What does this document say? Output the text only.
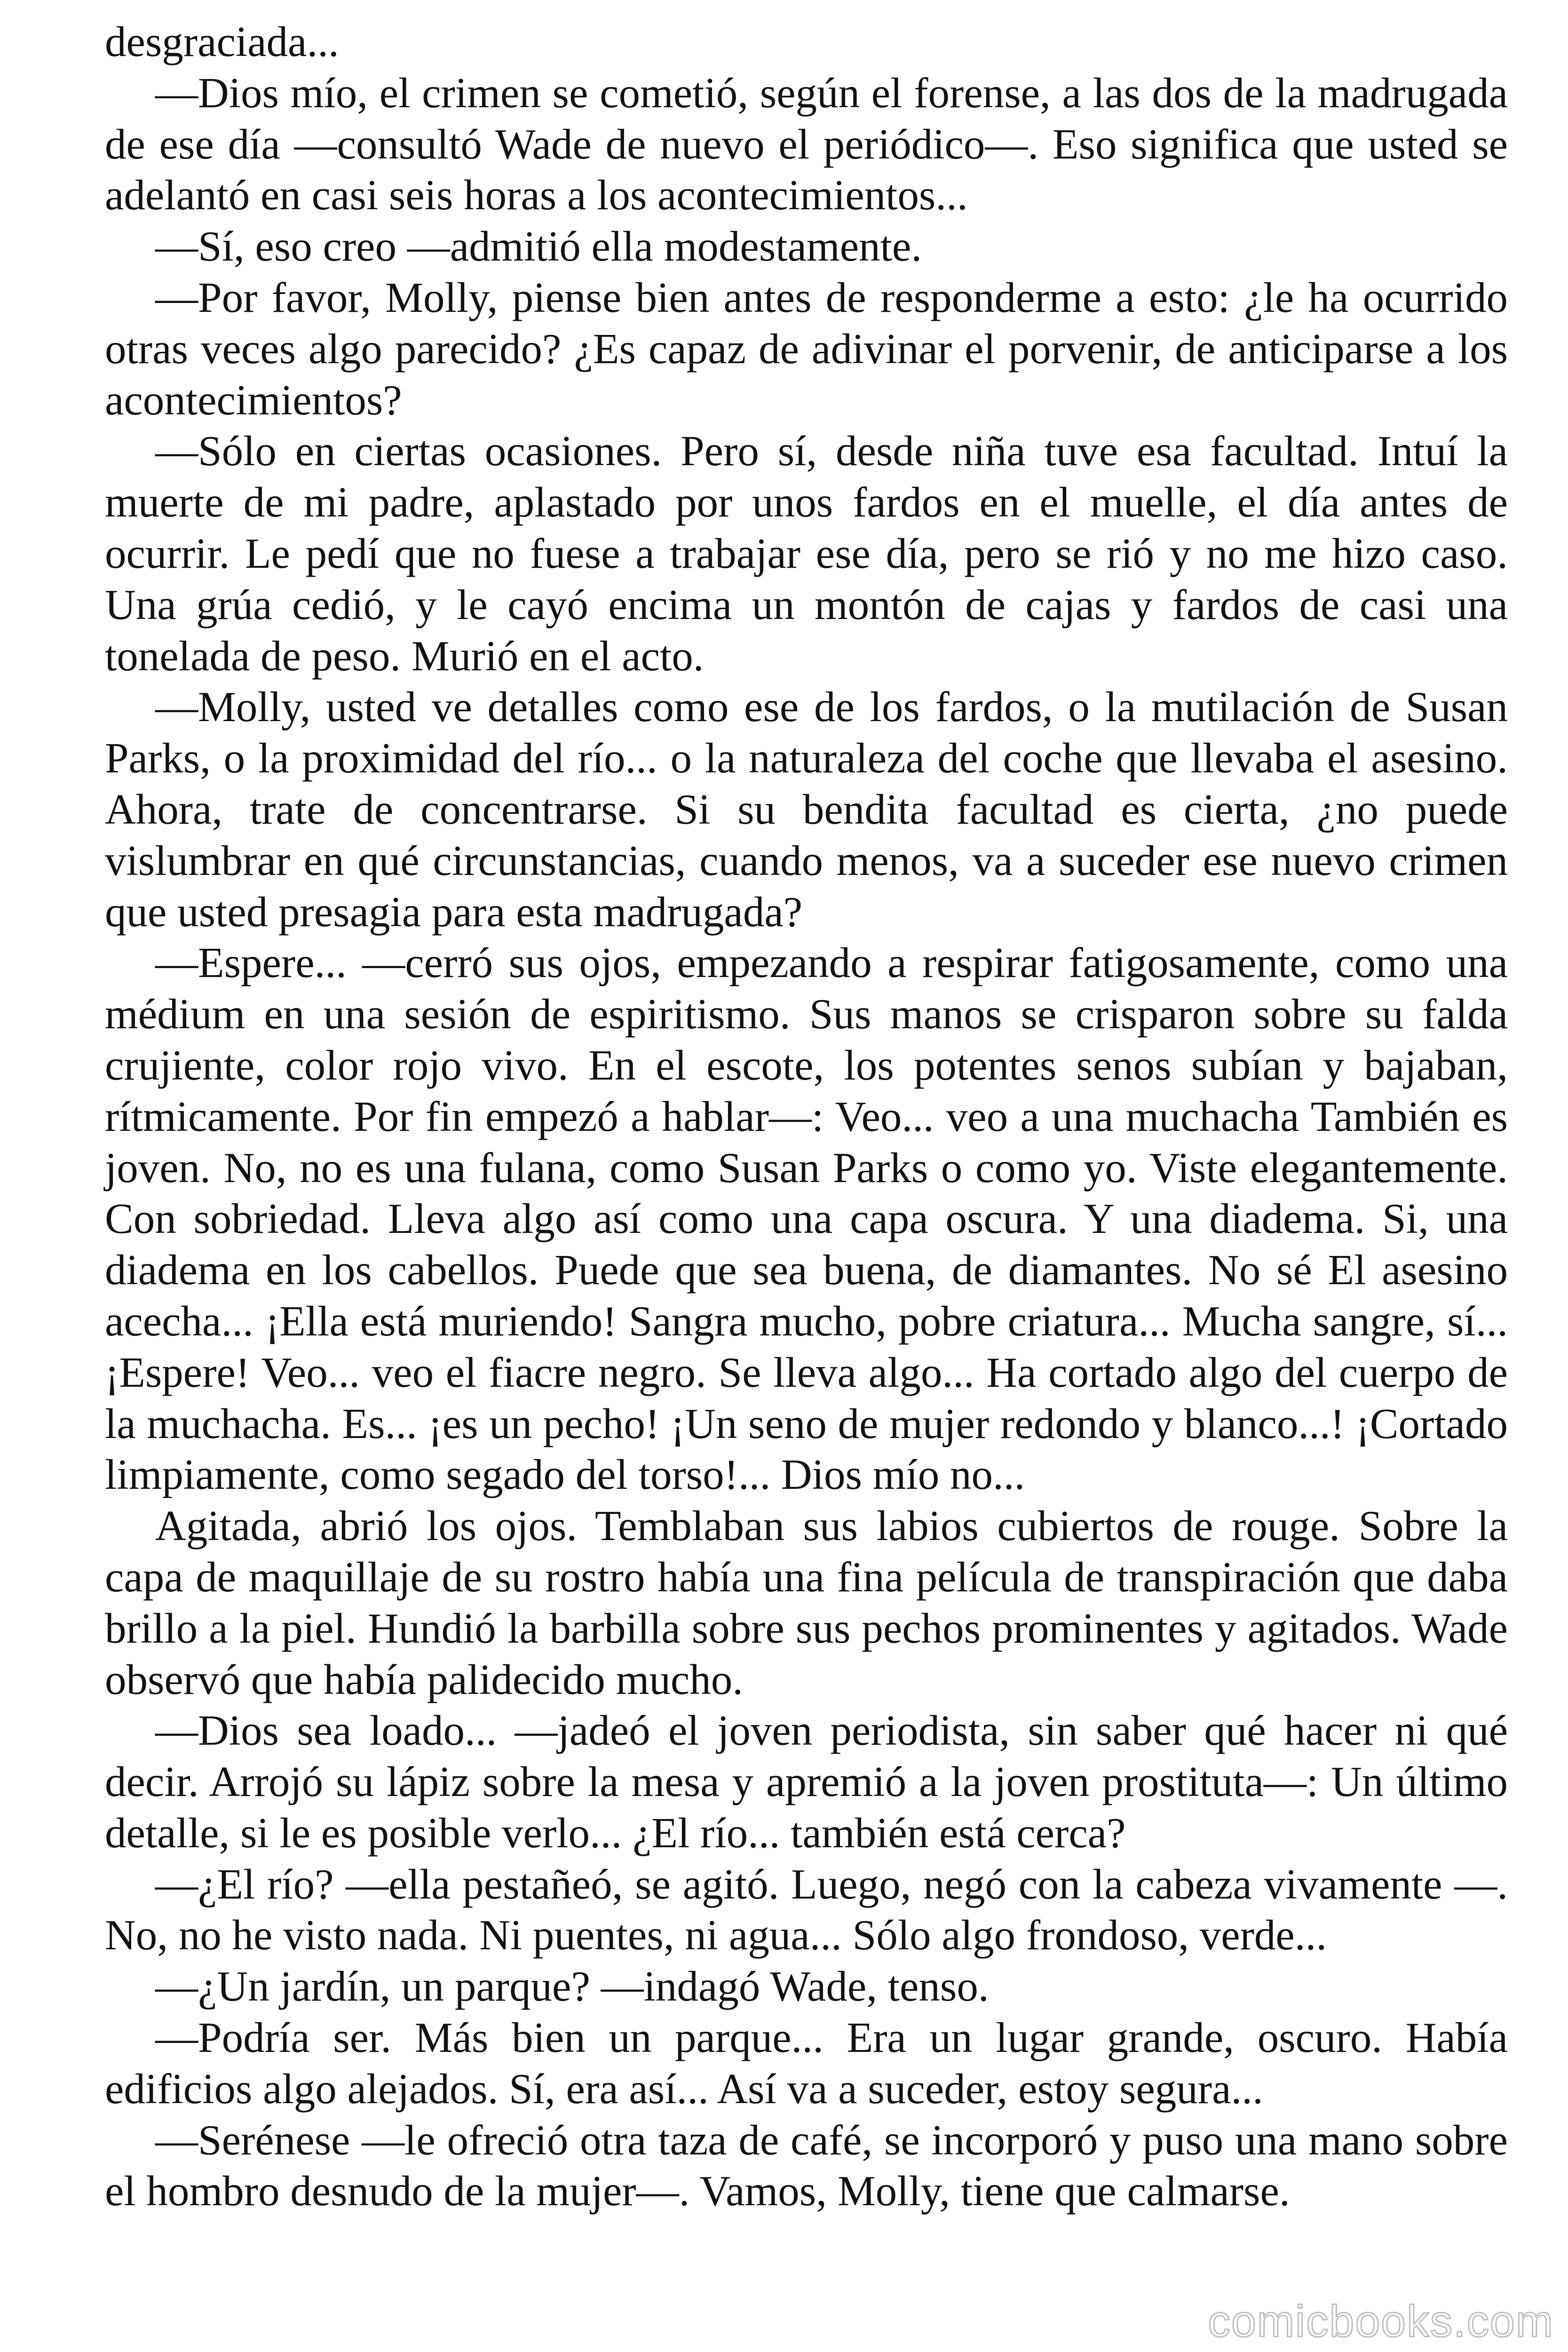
desgraciada...

—Dios mío, el crimen se cometió, según el forense, a las dos de la madrugada de ese día —consultó Wade de nuevo el periódico—. Eso significa que usted se adelantó en casi seis horas a los acontecimientos...

—Sí, eso creo —admitió ella modestamente.

—Por favor, Molly, piense bien antes de responderme a esto: ¿le ha ocurrido otras veces algo parecido? ¿Es capaz de adivinar el porvenir, de anticiparse a los acontecimientos?

—Sólo en ciertas ocasiones. Pero sí, desde niña tuve esa facultad. Intuí la muerte de mi padre, aplastado por unos fardos en el muelle, el día antes de ocurrir. Le pedí que no fuese a trabajar ese día, pero se rió y no me hizo caso. Una grúa cedió, y le cayó encima un montón de cajas y fardos de casi una tonelada de peso. Murió en el acto.

—Molly, usted ve detalles como ese de los fardos, o la mutilación de Susan Parks, o la proximidad del río... o la naturaleza del coche que llevaba el asesino. Ahora, trate de concentrarse. Si su bendita facultad es cierta, ¿no puede vislumbrar en qué circunstancias, cuando menos, va a suceder ese nuevo crimen que usted presagia para esta madrugada?

—Espere... —cerró sus ojos, empezando a respirar fatigosamente, como una médium en una sesión de espiritismo. Sus manos se crisparon sobre su falda crujiente, color rojo vivo. En el escote, los potentes senos subían y bajaban, rítmicamente. Por fin empezó a hablar—: Veo... veo a una muchacha También es joven. No, no es una fulana, como Susan Parks o como yo. Viste elegantemente. Con sobriedad. Lleva algo así como una capa oscura. Y una diadema. Si, una diadema en los cabellos. Puede que sea buena, de diamantes. No sé El asesino acecha... ¡Ella está muriendo! Sangra mucho, pobre criatura... Mucha sangre, sí... ¡Espere! Veo... veo el fiacre negro. Se lleva algo... Ha cortado algo del cuerpo de la muchacha. Es... ¡es un pecho! ¡Un seno de mujer redondo y blanco...! ¡Cortado limpiamente, como segado del torso!... Dios mío no...

Agitada, abrió los ojos. Temblaban sus labios cubiertos de rouge. Sobre la capa de maquillaje de su rostro había una fina película de transpiración que daba brillo a la piel. Hundió la barbilla sobre sus pechos prominentes y agitados. Wade observó que había palidecido mucho.

—Dios sea loado... —jadeó el joven periodista, sin saber qué hacer ni qué decir. Arrojó su lápiz sobre la mesa y apremió a la joven prostituta—: Un último detalle, si le es posible verlo... ¿El río... también está cerca?

—¿El río? —ella pestañeó, se agitó. Luego, negó con la cabeza vivamente —. No, no he visto nada. Ni puentes, ni agua... Sólo algo frondoso, verde...

—¿Un jardín, un parque? —indagó Wade, tenso.

—Podría ser. Más bien un parque... Era un lugar grande, oscuro. Había edificios algo alejados. Sí, era así... Así va a suceder, estoy segura...

—Serénese —le ofreció otra taza de café, se incorporó y puso una mano sobre el hombro desnudo de la mujer—. Vamos, Molly, tiene que calmarse.

comicbooks.com
